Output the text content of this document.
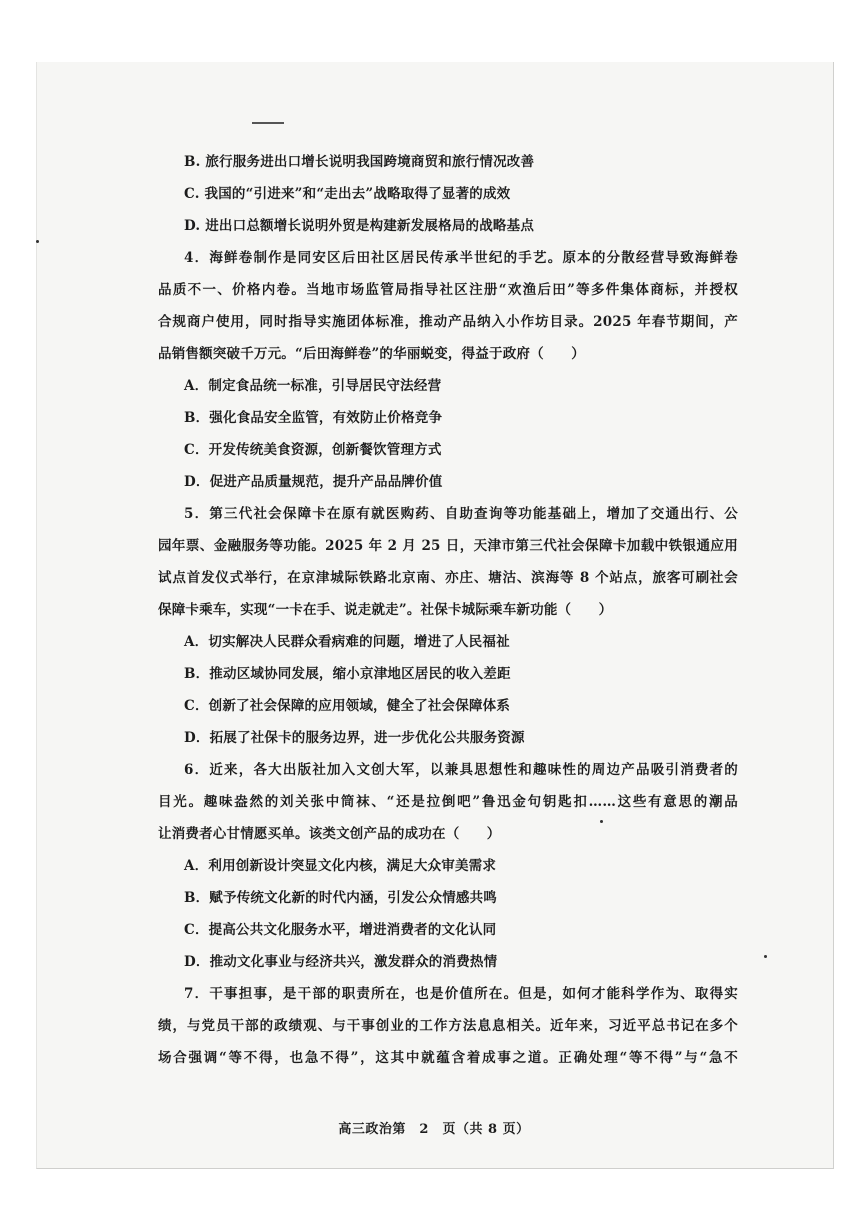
B. 旅行服务进出口增长说明我国跨境商贸和旅行情况改善
C. 我国的“引进来”和“走出去”战略取得了显著的成效
D. 进出口总额增长说明外贸是构建新发展格局的战略基点
4．海鲜卷制作是同安区后田社区居民传承半世纪的手艺。原本的分散经营导致海鲜卷
品质不一、价格内卷。当地市场监管局指导社区注册“欢渔后田”等多件集体商标，并授权
合规商户使用，同时指导实施团体标准，推动产品纳入小作坊目录。2025 年春节期间，产
品销售额突破千万元。“后田海鲜卷”的华丽蜕变，得益于政府（　　）
A．制定食品统一标准，引导居民守法经营
B．强化食品安全监管，有效防止价格竞争
C．开发传统美食资源，创新餐饮管理方式
D．促进产品质量规范，提升产品品牌价值
5．第三代社会保障卡在原有就医购药、自助查询等功能基础上，增加了交通出行、公
园年票、金融服务等功能。2025 年 2 月 25 日，天津市第三代社会保障卡加载中铁银通应用
试点首发仪式举行，在京津城际铁路北京南、亦庄、塘沽、滨海等 8 个站点，旅客可刷社会
保障卡乘车，实现“一卡在手、说走就走”。社保卡城际乘车新功能（　　）
A．切实解决人民群众看病难的问题，增进了人民福祉
B．推动区域协同发展，缩小京津地区居民的收入差距
C．创新了社会保障的应用领域，健全了社会保障体系
D．拓展了社保卡的服务边界，进一步优化公共服务资源
6．近来，各大出版社加入文创大军，以兼具思想性和趣味性的周边产品吸引消费者的
目光。趣味盎然的刘关张中筒袜、“还是拉倒吧”鲁迅金句钥匙扣……这些有意思的潮品
让消费者心甘情愿买单。该类文创产品的成功在（　　）
A．利用创新设计突显文化内核，满足大众审美需求
B．赋予传统文化新的时代内涵，引发公众情感共鸣
C．提高公共文化服务水平，增进消费者的文化认同
D．推动文化事业与经济共兴，激发群众的消费热情
7．干事担事，是干部的职责所在，也是价值所在。但是，如何才能科学作为、取得实
绩，与党员干部的政绩观、与干事创业的工作方法息息相关。近年来，习近平总书记在多个
场合强调“等不得，也急不得”，这其中就蕴含着成事之道。正确处理“等不得”与“急不
高三政治第　2　页（共 8 页）
